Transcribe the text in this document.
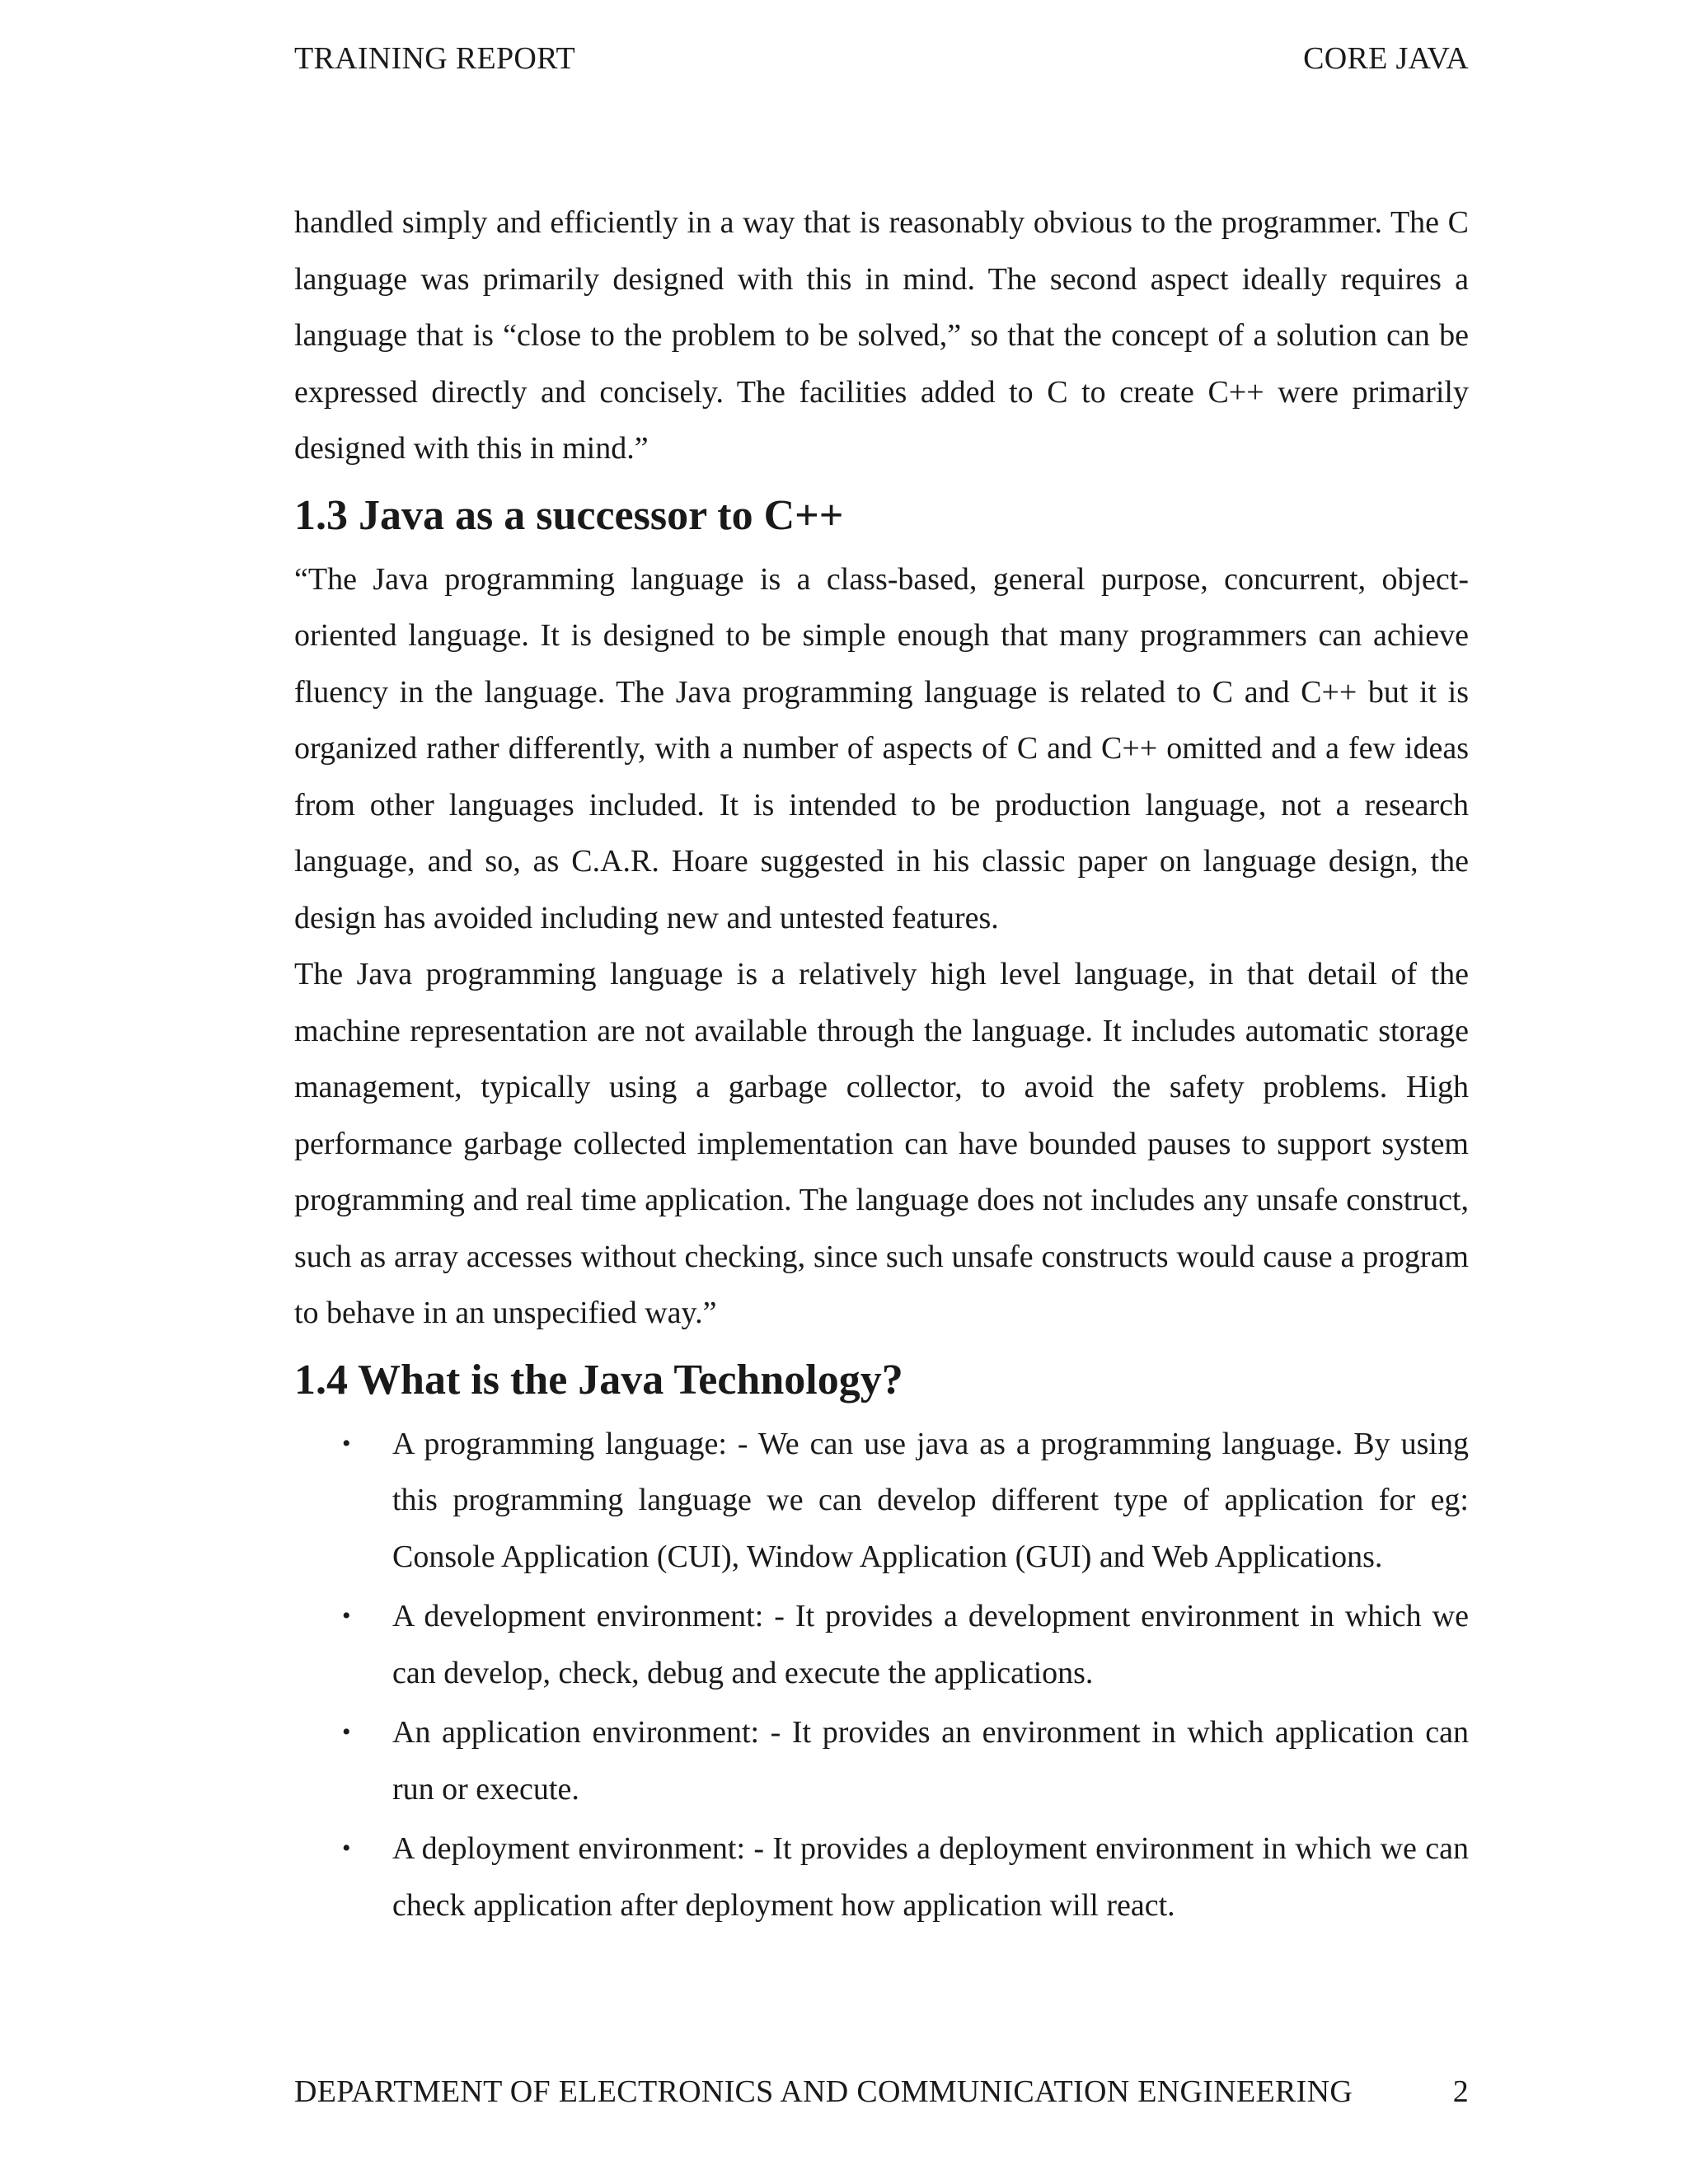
TRAINING REPORT	CORE JAVA

handled simply and efficiently in a way that is reasonably obvious to the programmer. The C language was primarily designed with this in mind. The second aspect ideally requires a language that is “close to the problem to be solved,” so that the concept of a solution can be expressed directly and concisely. The facilities added to C to create C++ were primarily designed with this in mind.”

1.3 Java as a successor to C++

“The Java programming language is a class-based, general purpose, concurrent, object-oriented language. It is designed to be simple enough that many programmers can achieve fluency in the language. The Java programming language is related to C and C++ but it is organized rather differently, with a number of aspects of C and C++ omitted and a few ideas from other languages included. It is intended to be production language, not a research language, and so, as C.A.R. Hoare suggested in his classic paper on language design, the design has avoided including new and untested features.

The Java programming language is a relatively high level language, in that detail of the machine representation are not available through the language. It includes automatic storage management, typically using a garbage collector, to avoid the safety problems. High performance garbage collected implementation can have bounded pauses to support system programming and real time application. The language does not includes any unsafe construct, such as array accesses without checking, since such unsafe constructs would cause a program to behave in an unspecified way.”

1.4 What is the Java Technology?
• A programming language: - We can use java as a programming language. By using this programming language we can develop different type of application for eg: Console Application (CUI), Window Application (GUI) and Web Applications.
• A development environment: - It provides a development environment in which we can develop, check, debug and execute the applications.
• An application environment: - It provides an environment in which application can run or execute.
• A deployment environment: - It provides a deployment environment in which we can check application after deployment how application will react.
DEPARTMENT OF ELECTRONICS AND COMMUNICATION ENGINEERING	2
